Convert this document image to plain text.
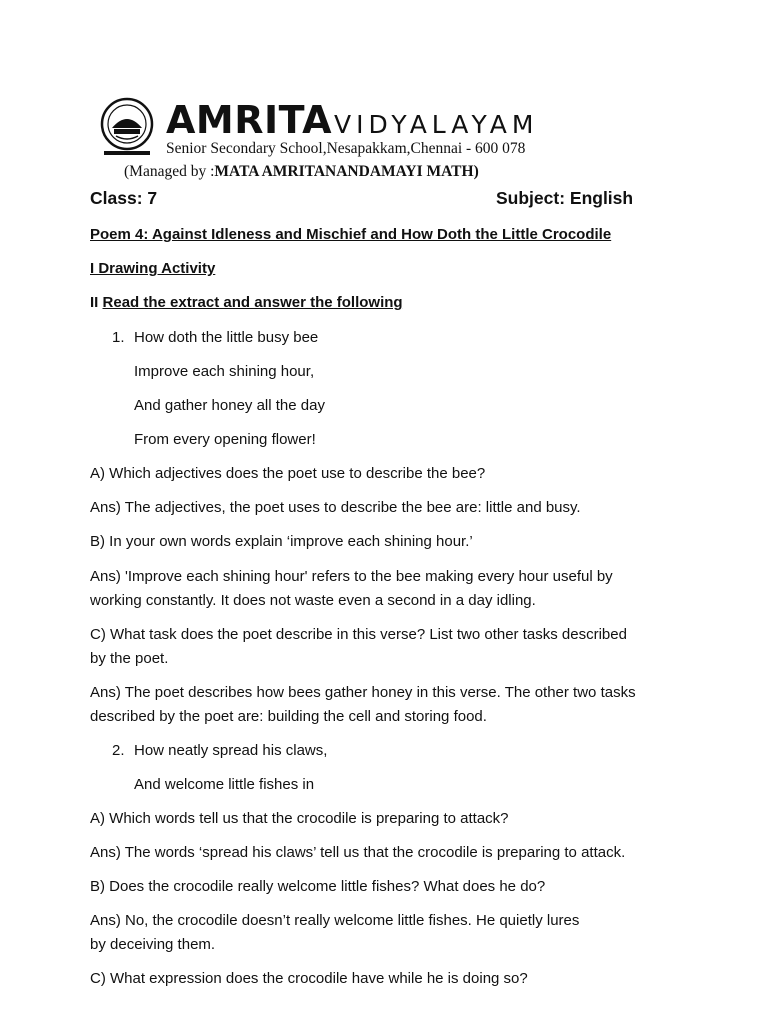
AMRITAVIDYALAYAM
Senior Secondary School,Nesapakkam,Chennai - 600 078
(Managed by :MATA AMRITANANDAMAYI MATH)
Class: 7	Subject: English
Poem 4: Against Idleness and Mischief and How Doth the Little Crocodile
I Drawing Activity
II Read the extract and answer the following
1. How doth the little busy bee
Improve each shining hour,
And gather honey all the day
From every opening flower!
A) Which adjectives does the poet use to describe the bee?
Ans) The adjectives, the poet uses to describe the bee are: little and busy.
B) In your own words explain ‘improve each shining hour.’
Ans) 'Improve each shining hour' refers to the bee making every hour useful by
working constantly. It does not waste even a second in a day idling.
C) What task does the poet describe in this verse? List two other tasks described
by the poet.
Ans) The poet describes how bees gather honey in this verse. The other two tasks
described by the poet are: building the cell and storing food.
2. How neatly spread his claws,
And welcome little fishes in
A) Which words tell us that the crocodile is preparing to attack?
Ans) The words ‘spread his claws’ tell us that the crocodile is preparing to attack.
B) Does the crocodile really welcome little fishes? What does he do?
Ans) No, the crocodile doesn’t really welcome little fishes. He quietly lures
by deceiving them.
C) What expression does the crocodile have while he is doing so?
